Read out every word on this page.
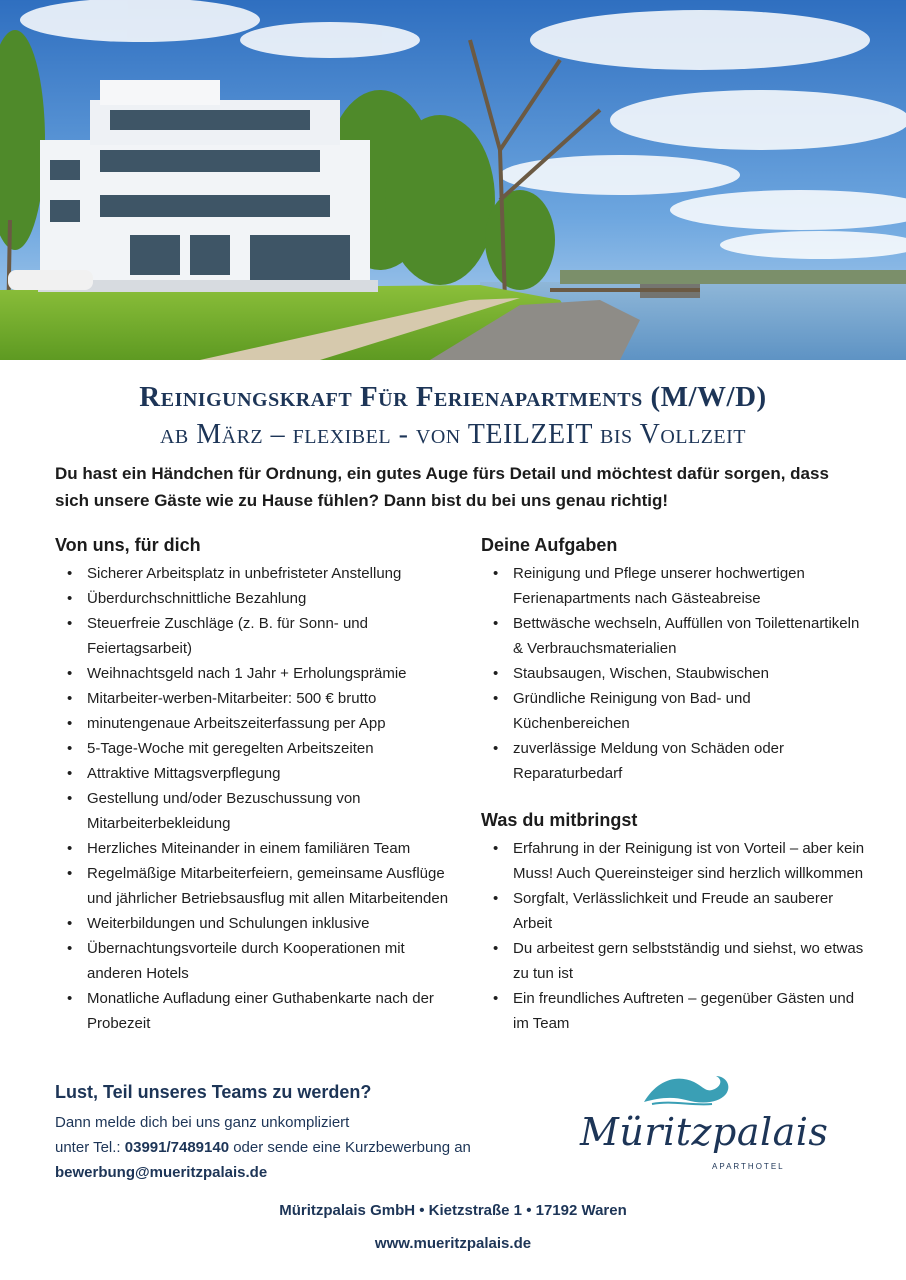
Reinigungskraft Für Ferienapartments (M/W/D)
ab März – flexibel - von TEILZEIT bis Vollzeit
Du hast ein Händchen für Ordnung, ein gutes Auge fürs Detail und möchtest dafür sorgen, dass sich unsere Gäste wie zu Hause fühlen? Dann bist du bei uns genau richtig!
Von uns, für dich
• Sicherer Arbeitsplatz in unbefristeter Anstellung
• Überdurchschnittliche Bezahlung
• Steuerfreie Zuschläge (z. B. für Sonn- und Feiertagsarbeit)
• Weihnachtsgeld nach 1 Jahr + Erholungsprämie
• Mitarbeiter-werben-Mitarbeiter: 500 € brutto
• minutengenaue Arbeitszeiterfassung per App
• 5-Tage-Woche mit geregelten Arbeitszeiten
• Attraktive Mittagsverpflegung
• Gestellung und/oder Bezuschussung von Mitarbeiterbekleidung
• Herzliches Miteinander in einem familiären Team
• Regelmäßige Mitarbeiterfeiern, gemeinsame Ausflüge und jährlicher Betriebsausflug mit allen Mitarbeitenden
• Weiterbildungen und Schulungen inklusive
• Übernachtungsvorteile durch Kooperationen mit anderen Hotels
• Monatliche Aufladung einer Guthabenkarte nach der Probezeit
Deine Aufgaben
• Reinigung und Pflege unserer hochwertigen Ferienapartments nach Gästeabreise
• Bettwäsche wechseln, Auffüllen von Toilettenartikeln & Verbrauchsmaterialien
• Staubsaugen, Wischen, Staubwischen
• Gründliche Reinigung von Bad- und Küchenbereichen
• zuverlässige Meldung von Schäden oder Reparaturbedarf
Was du mitbringst
• Erfahrung in der Reinigung ist von Vorteil – aber kein Muss! Auch Quereinsteiger sind herzlich willkommen
• Sorgfalt, Verlässlichkeit und Freude an sauberer Arbeit
• Du arbeitest gern selbstständig und siehst, wo etwas zu tun ist
• Ein freundliches Auftreten – gegenüber Gästen und im Team
Lust, Teil unseres Teams zu werden?
Dann melde dich bei uns ganz unkompliziert
unter Tel.: 03991/7489140 oder sende eine Kurzbewerbung an
bewerbung@mueritzpalais.de
Müritzpalais
APARTHOTEL
Müritzpalais GmbH • Kietzstraße 1 • 17192 Waren
www.mueritzpalais.de
